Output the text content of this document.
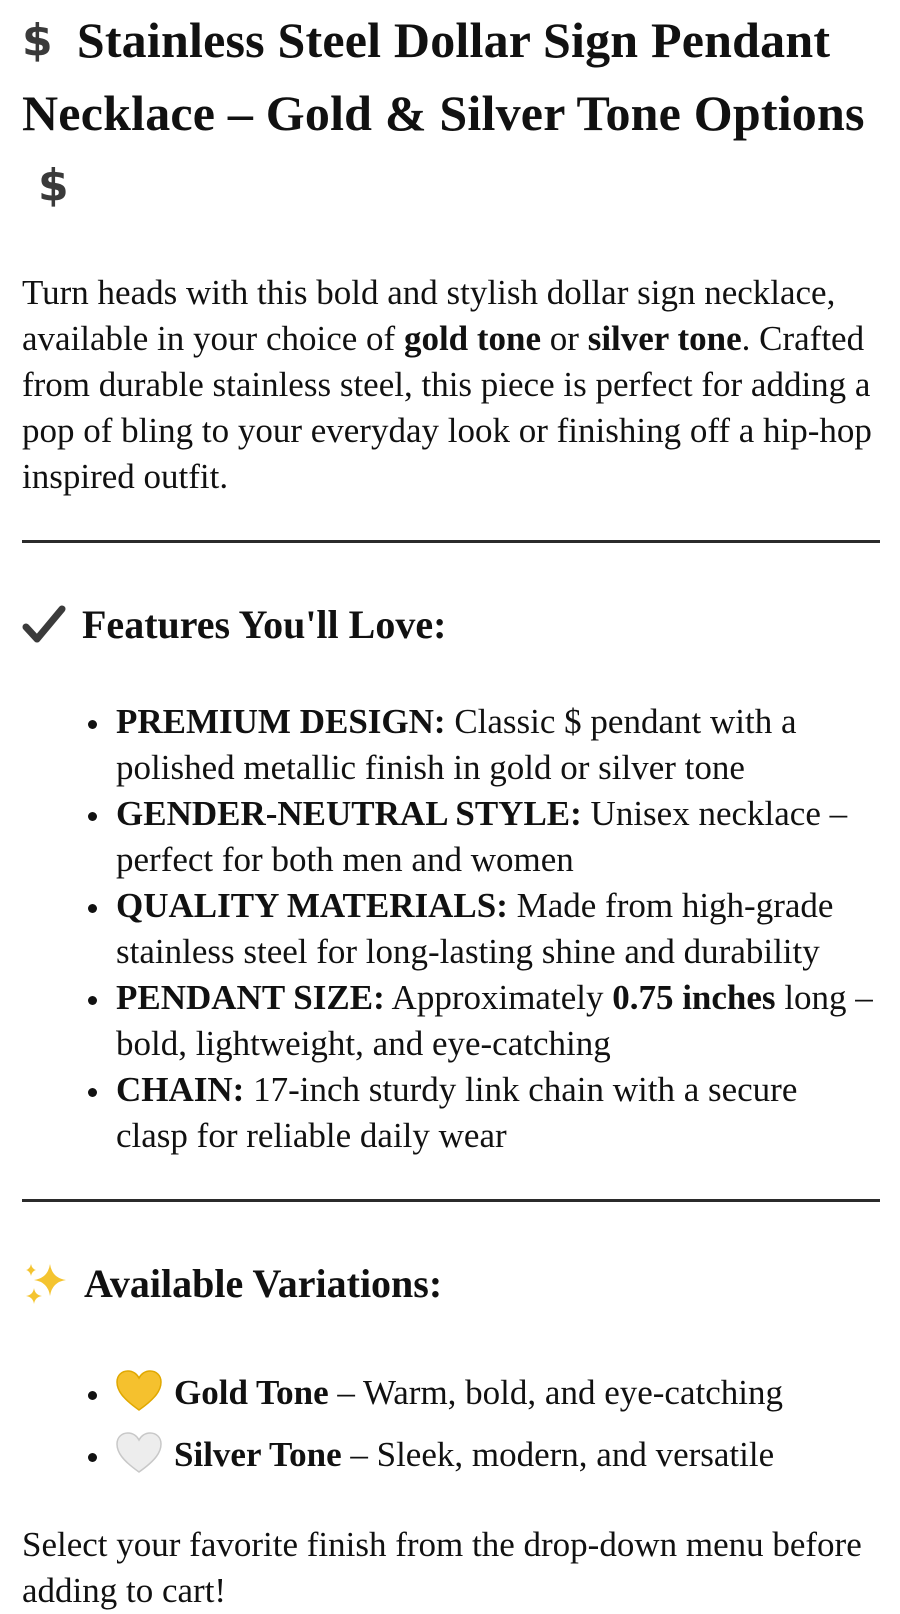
$ Stainless Steel Dollar Sign Pendant Necklace – Gold & Silver Tone Options$

Turn heads with this bold and stylish dollar sign necklace, available in your choice of gold tone or silver tone. Crafted from durable stainless steel, this piece is perfect for adding a pop of bling to your everyday look or finishing off a hip-hop inspired outfit.

Features You'll Love:
• PREMIUM DESIGN: Classic $ pendant with a polished metallic finish in gold or silver tone
• GENDER-NEUTRAL STYLE: Unisex necklace – perfect for both men and women
• QUALITY MATERIALS: Made from high-grade stainless steel for long-lasting shine and durability
• PENDANT SIZE: Approximately 0.75 inches long – bold, lightweight, and eye-catching
• CHAIN: 17-inch sturdy link chain with a secure clasp for reliable daily wear
Available Variations:
• Gold Tone – Warm, bold, and eye-catching
• Silver Tone – Sleek, modern, and versatile

Select your favorite finish from the drop-down menu before adding to cart!
